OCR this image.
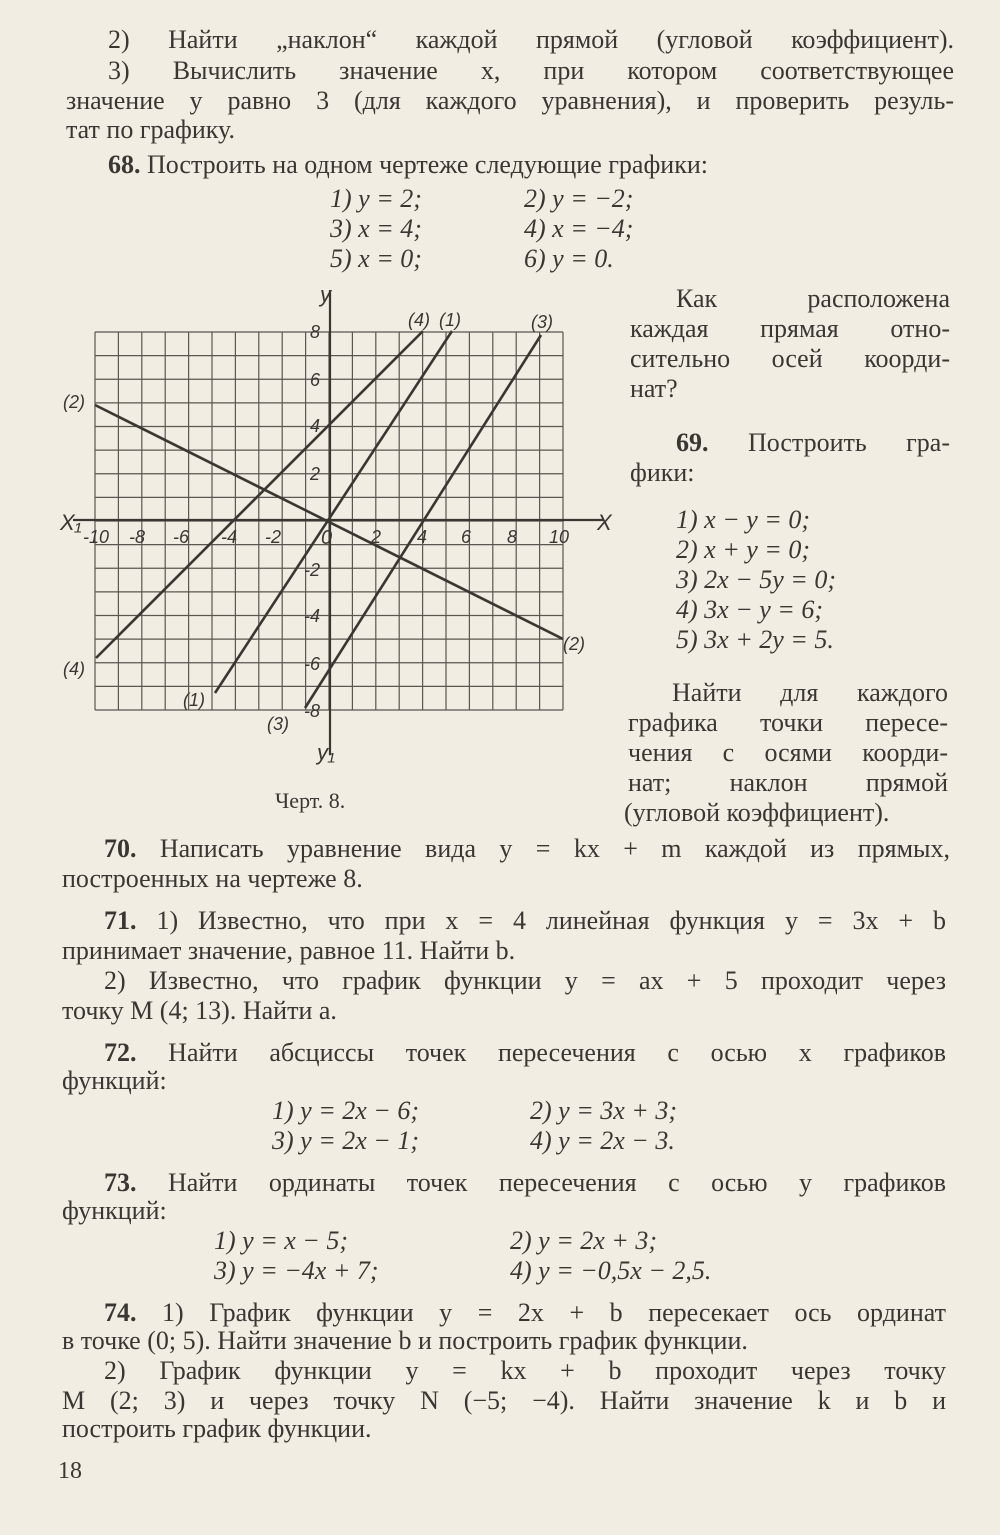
2) Найти „наклон“ каждой прямой (угловой коэффициент).
3) Вычислить значение x, при котором соответствующее
значение y равно 3 (для каждого уравнения), и проверить резуль-
тат по графику.
68. Построить на одном чертеже следующие графики:
1) y = 2;	2) y = −2;
3) x = 4;	4) x = −4;
5) x = 0;	6) y = 0.
y
y₁
X
X₁
0
-10 -8 -6 -4 -2	2 4 6 8 10
8
6
4
2
-2
-4
-6
-8
(4) (1)	(3)
(2)
(2)
(4)
(1)
(3)
Черт. 8.
Как расположена
каждая прямая отно-
сительно осей коорди-
нат?
69. Построить гра-
фики:
1) x − y = 0;
2) x + y = 0;
3) 2x − 5y = 0;
4) 3x − y = 6;
5) 3x + 2y = 5.
Найти для каждого
графика точки пересе-
чения с осями коорди-
нат; наклон прямой
(угловой коэффициент).
70. Написать уравнение вида y = kx + m каждой из прямых,
построенных на чертеже 8.
71. 1) Известно, что при x = 4 линейная функция y = 3x + b
принимает значение, равное 11. Найти b.
2) Известно, что график функции y = ax + 5 проходит через
точку M (4; 13). Найти a.
72. Найти абсциссы точек пересечения с осью x графиков
функций:
1) y = 2x − 6;	2) y = 3x + 3;
3) y = 2x − 1;	4) y = 2x − 3.
73. Найти ординаты точек пересечения с осью y графиков
функций:
1) y = x − 5;	2) y = 2x + 3;
3) y = −4x + 7;	4) y = −0,5x − 2,5.
74. 1) График функции y = 2x + b пересекает ось ординат
в точке (0; 5). Найти значение b и построить график функции.
2) График функции y = kx + b проходит через точку
M (2; 3) и через точку N (−5; −4). Найти значение k и b и
построить график функции.
18
